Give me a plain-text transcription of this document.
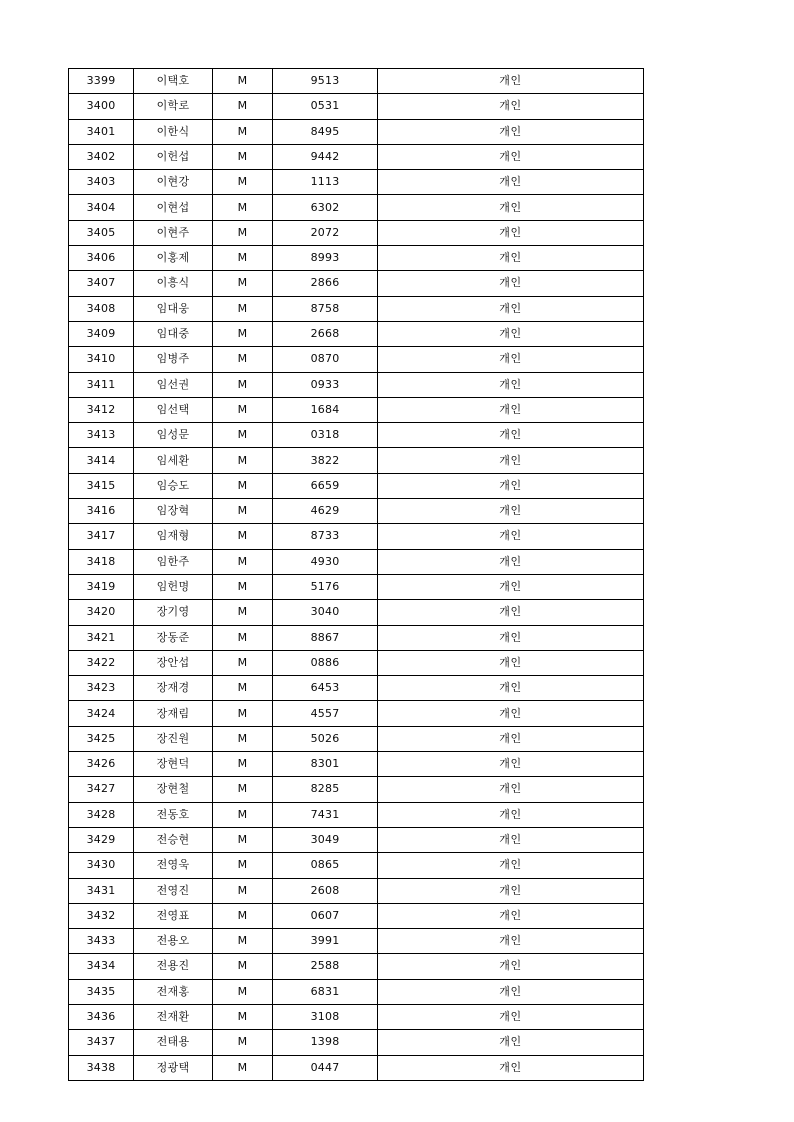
3399	이택호	M	9513	개인
3400	이학로	M	0531	개인
3401	이한식	M	8495	개인
3402	이헌섭	M	9442	개인
3403	이현강	M	1113	개인
3404	이현섭	M	6302	개인
3405	이현주	M	2072	개인
3406	이홍제	M	8993	개인
3407	이흥식	M	2866	개인
3408	임대웅	M	8758	개인
3409	임대중	M	2668	개인
3410	임병주	M	0870	개인
3411	임선권	M	0933	개인
3412	임선택	M	1684	개인
3413	임성문	M	0318	개인
3414	임세환	M	3822	개인
3415	임승도	M	6659	개인
3416	임장혁	M	4629	개인
3417	임재형	M	8733	개인
3418	임한주	M	4930	개인
3419	임헌명	M	5176	개인
3420	장기영	M	3040	개인
3421	장동준	M	8867	개인
3422	장안섭	M	0886	개인
3423	장재경	M	6453	개인
3424	장재림	M	4557	개인
3425	장진원	M	5026	개인
3426	장현덕	M	8301	개인
3427	장현철	M	8285	개인
3428	전동호	M	7431	개인
3429	전승현	M	3049	개인
3430	전영욱	M	0865	개인
3431	전영진	M	2608	개인
3432	전영표	M	0607	개인
3433	전용오	M	3991	개인
3434	전용진	M	2588	개인
3435	전재홍	M	6831	개인
3436	전재환	M	3108	개인
3437	전태용	M	1398	개인
3438	정광택	M	0447	개인
